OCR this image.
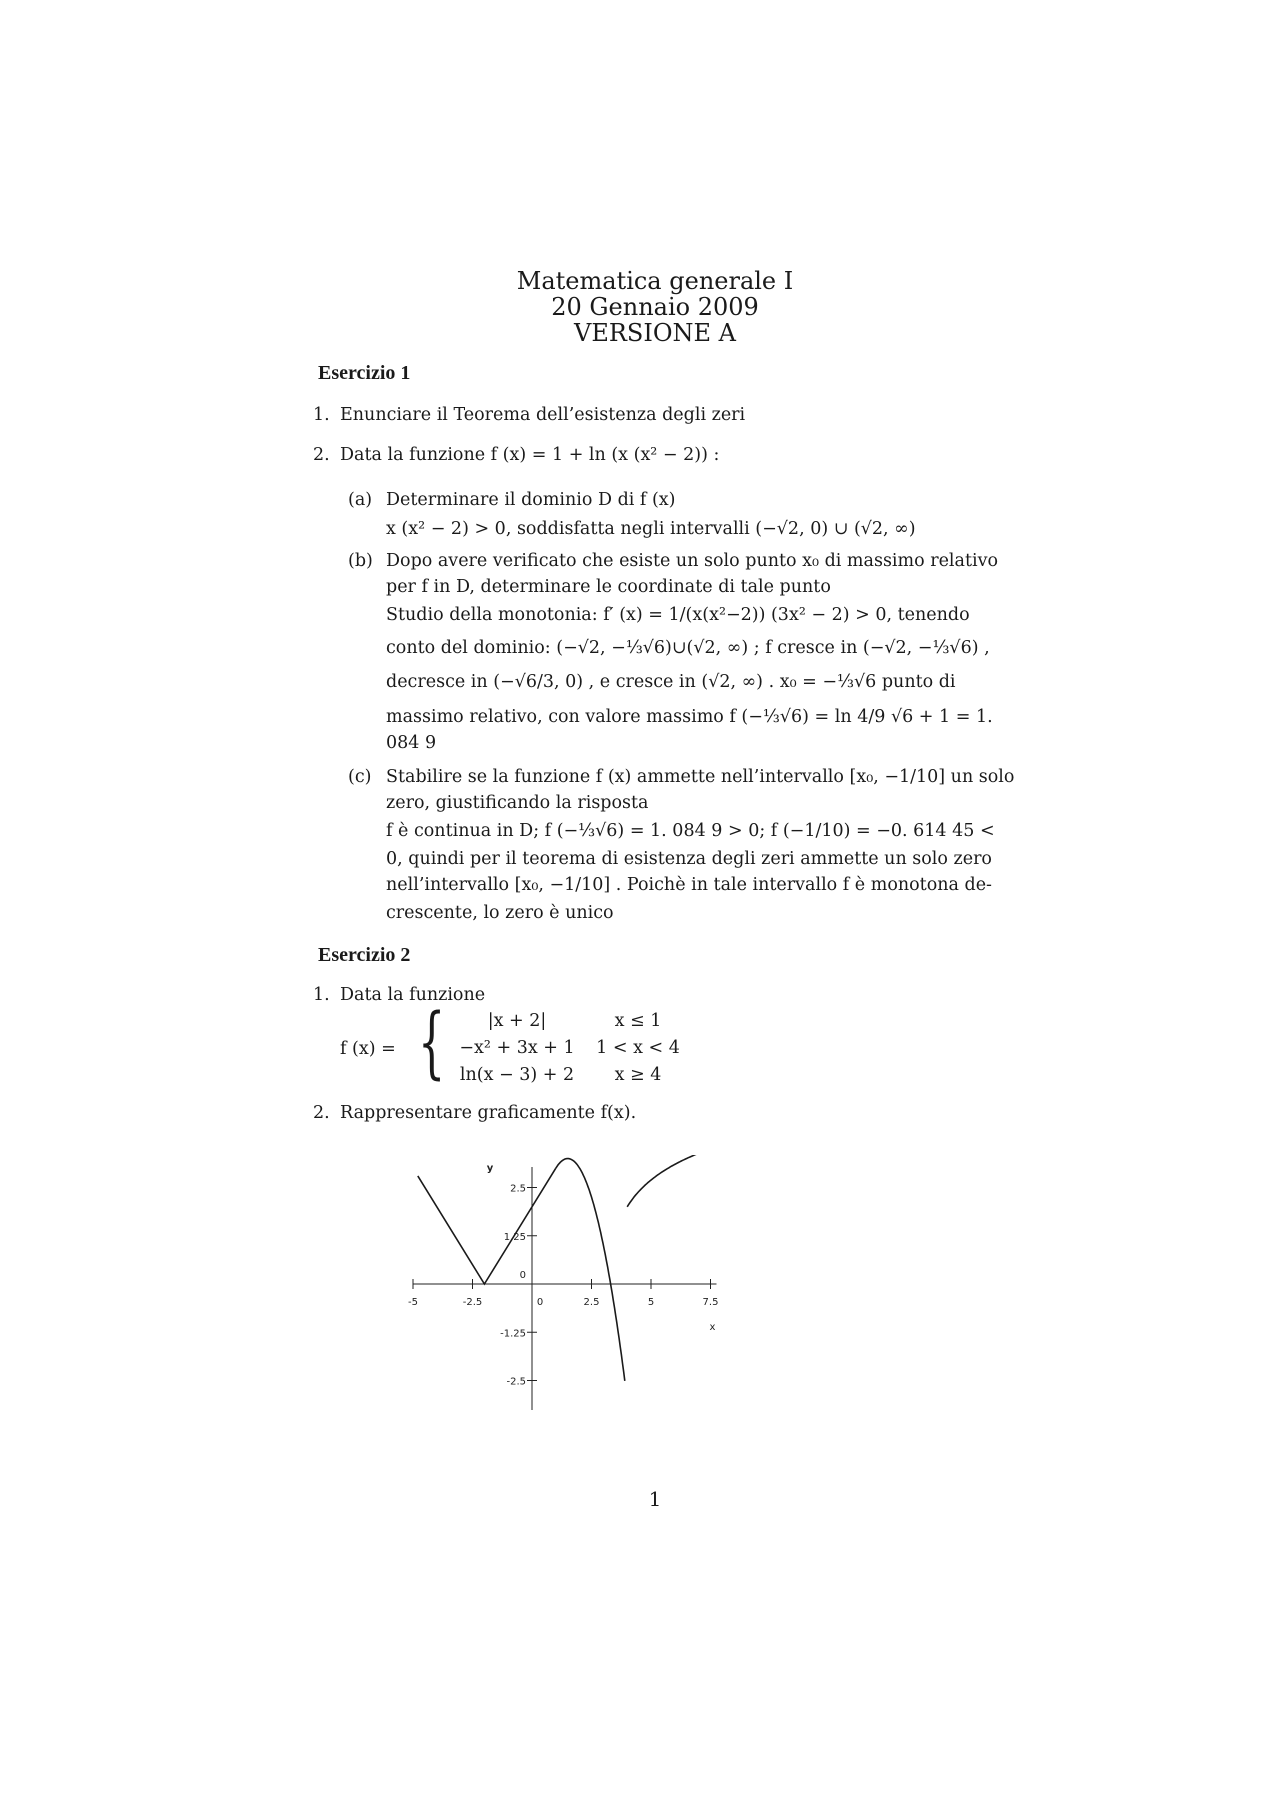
Matematica generale I
20 Gennaio 2009
VERSIONE A
Esercizio 1
1. Enunciare il Teorema dell’esistenza degli zeri
2. Data la funzione f (x) = 1 + ln (x (x² − 2)) :
(a) Determinare il dominio D di f (x)
x (x² − 2) > 0, soddisfatta negli intervalli (−√2, 0) ∪ (√2, ∞)
(b) Dopo avere verificato che esiste un solo punto x₀ di massimo relativo
per f in D, determinare le coordinate di tale punto
Studio della monotonia: f′ (x) = 1/(x(x²−2)) (3x² − 2) > 0, tenendo
conto del dominio: (−√2, −⅓√6)∪(√2, ∞) ; f cresce in (−√2, −⅓√6) ,
decresce in (−√6/3, 0) , e cresce in (√2, ∞) . x₀ = −⅓√6 punto di
massimo relativo, con valore massimo f (−⅓√6) = ln 4/9 √6 + 1 = 1.
084 9
(c) Stabilire se la funzione f (x) ammette nell’intervallo [x₀, −1/10] un solo
zero, giustificando la risposta
f è continua in D; f (−⅓√6) = 1. 084 9 > 0; f (−1/10) = −0. 614 45 <
0, quindi per il teorema di esistenza degli zeri ammette un solo zero
nell’intervallo [x₀, −1/10] . Poichè in tale intervallo f è monotona de-
crescente, lo zero è unico
Esercizio 2
1. Data la funzione
f (x) = {	|x + 2|	x ≤ 1
−x² + 3x + 1	1 < x < 4
ln(x − 3) + 2	x ≥ 4
2. Rappresentare graficamente f(x).
-5	-2.5	0	2.5	5	7.5
2.5
1.25
0
-1.25
-2.5
x
y
1
